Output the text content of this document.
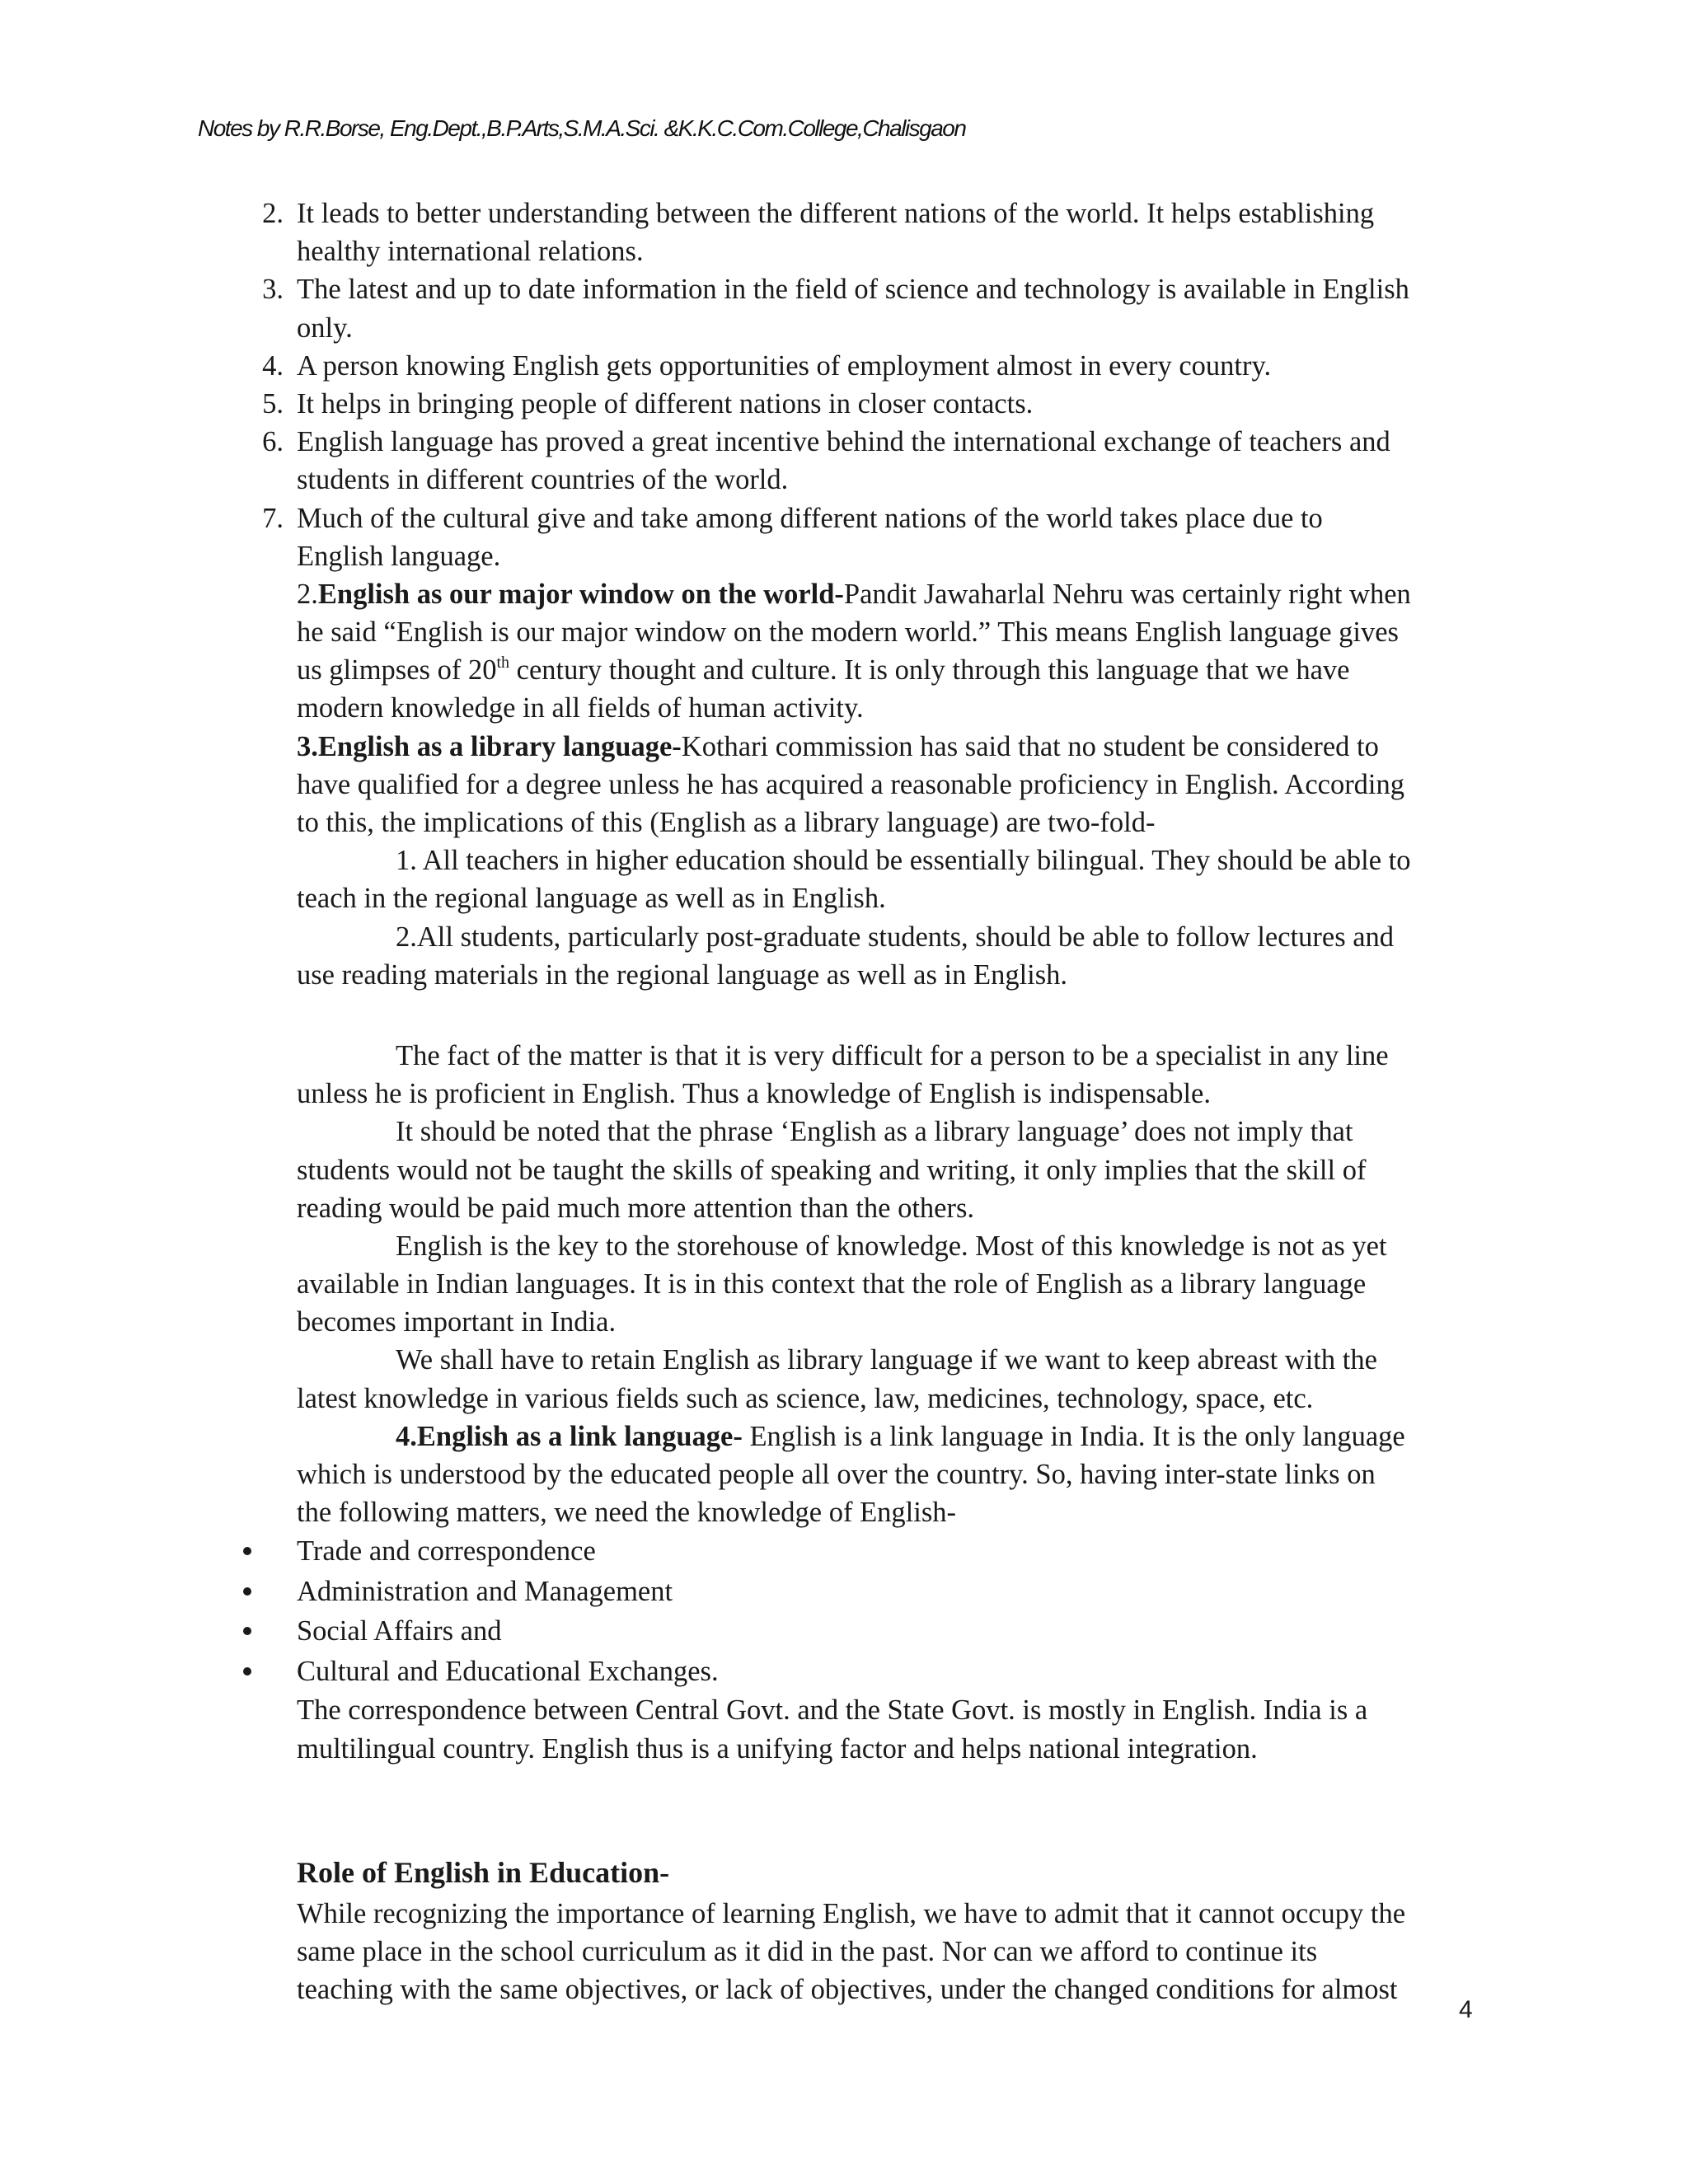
Notes by R.R.Borse, Eng.Dept.,B.P.Arts,S.M.A.Sci. &K.K.C.Com.College,Chalisgaon
2. It leads to better understanding between the different nations of the world. It helps establishing
healthy international relations.
3. The latest and up to date information in the field of science and technology is available in English
only.
4. A person knowing English gets opportunities of employment almost in every country.
5. It helps in bringing people of different nations in closer contacts.
6. English language has proved a great incentive behind the international exchange of teachers and
students in different countries of the world.
7. Much of the cultural give and take among different nations of the world takes place due to
English language.
2.English as our major window on the world-Pandit Jawaharlal Nehru was certainly right when
he said “English is our major window on the modern world.” This means English language gives
us glimpses of 20th century thought and culture. It is only through this language that we have
modern knowledge in all fields of human activity.
3.English as a library language-Kothari commission has said that no student be considered to
have qualified for a degree unless he has acquired a reasonable proficiency in English. According
to this, the implications of this (English as a library language) are two-fold-
1. All teachers in higher education should be essentially bilingual. They should be able to
teach in the regional language as well as in English.
2.All students, particularly post-graduate students, should be able to follow lectures and
use reading materials in the regional language as well as in English.
The fact of the matter is that it is very difficult for a person to be a specialist in any line
unless he is proficient in English. Thus a knowledge of English is indispensable.
It should be noted that the phrase ‘English as a library language’ does not imply that
students would not be taught the skills of speaking and writing, it only implies that the skill of
reading would be paid much more attention than the others.
English is the key to the storehouse of knowledge. Most of this knowledge is not as yet
available in Indian languages. It is in this context that the role of English as a library language
becomes important in India.
We shall have to retain English as library language if we want to keep abreast with the
latest knowledge in various fields such as science, law, medicines, technology, space, etc.
4.English as a link language- English is a link language in India. It is the only language
which is understood by the educated people all over the country. So, having inter-state links on
the following matters, we need the knowledge of English-
Trade and correspondence
Administration and Management
Social Affairs and
Cultural and Educational Exchanges.
The correspondence between Central Govt. and the State Govt. is mostly in English. India is a
multilingual country. English thus is a unifying factor and helps national integration.
Role of English in Education-
While recognizing the importance of learning English, we have to admit that it cannot occupy the
same place in the school curriculum as it did in the past. Nor can we afford to continue its
teaching with the same objectives, or lack of objectives, under the changed conditions for almost
4
